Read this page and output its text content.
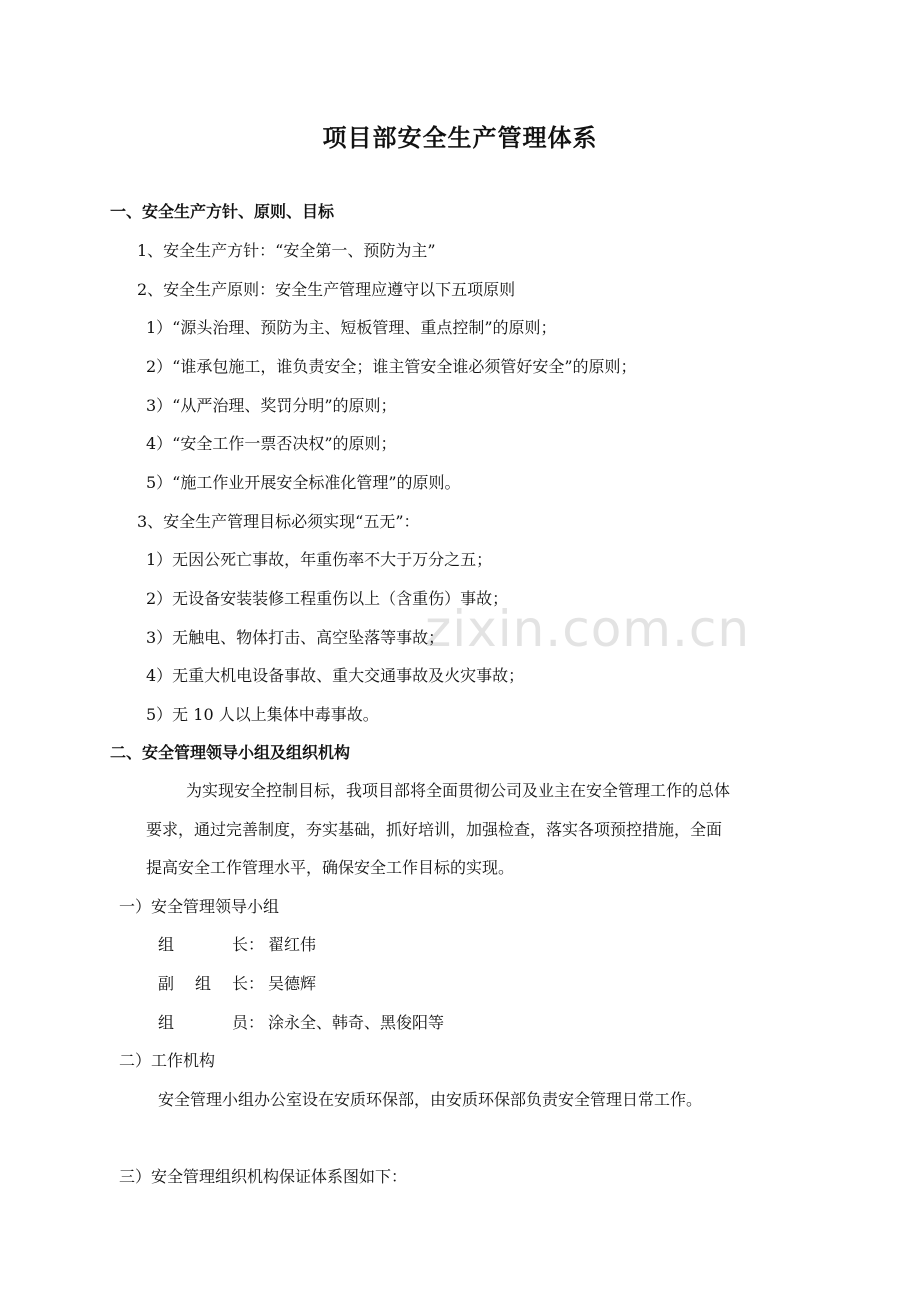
zixin.com.cn
项目部安全生产管理体系
一、安全生产方针、原则、目标
1、安全生产方针：“安全第一、预防为主”
2、安全生产原则：安全生产管理应遵守以下五项原则
1）“源头治理、预防为主、短板管理、重点控制”的原则；
2）“谁承包施工，谁负责安全；谁主管安全谁必须管好安全”的原则；
3）“从严治理、奖罚分明”的原则；
4）“安全工作一票否决权”的原则；
5）“施工作业开展安全标准化管理”的原则。
3、安全生产管理目标必须实现“五无”：
1）无因公死亡事故，年重伤率不大于万分之五；
2）无设备安装装修工程重伤以上（含重伤）事故；
3）无触电、物体打击、高空坠落等事故；
4）无重大机电设备事故、重大交通事故及火灾事故；
5）无 10 人以上集体中毒事故。
二、安全管理领导小组及组织机构
为实现安全控制目标，我项目部将全面贯彻公司及业主在安全管理工作的总体
要求，通过完善制度，夯实基础，抓好培训，加强检查，落实各项预控措施，全面
提高安全工作管理水平，确保安全工作目标的实现。
一）安全管理领导小组
组	长 ： 翟红伟
副 组 长 ： 吴德辉
组	员 ： 涂永全、韩奇、黑俊阳等
二）工作机构
安全管理小组办公室设在安质环保部，由安质环保部负责安全管理日常工作。
三）安全管理组织机构保证体系图如下：
